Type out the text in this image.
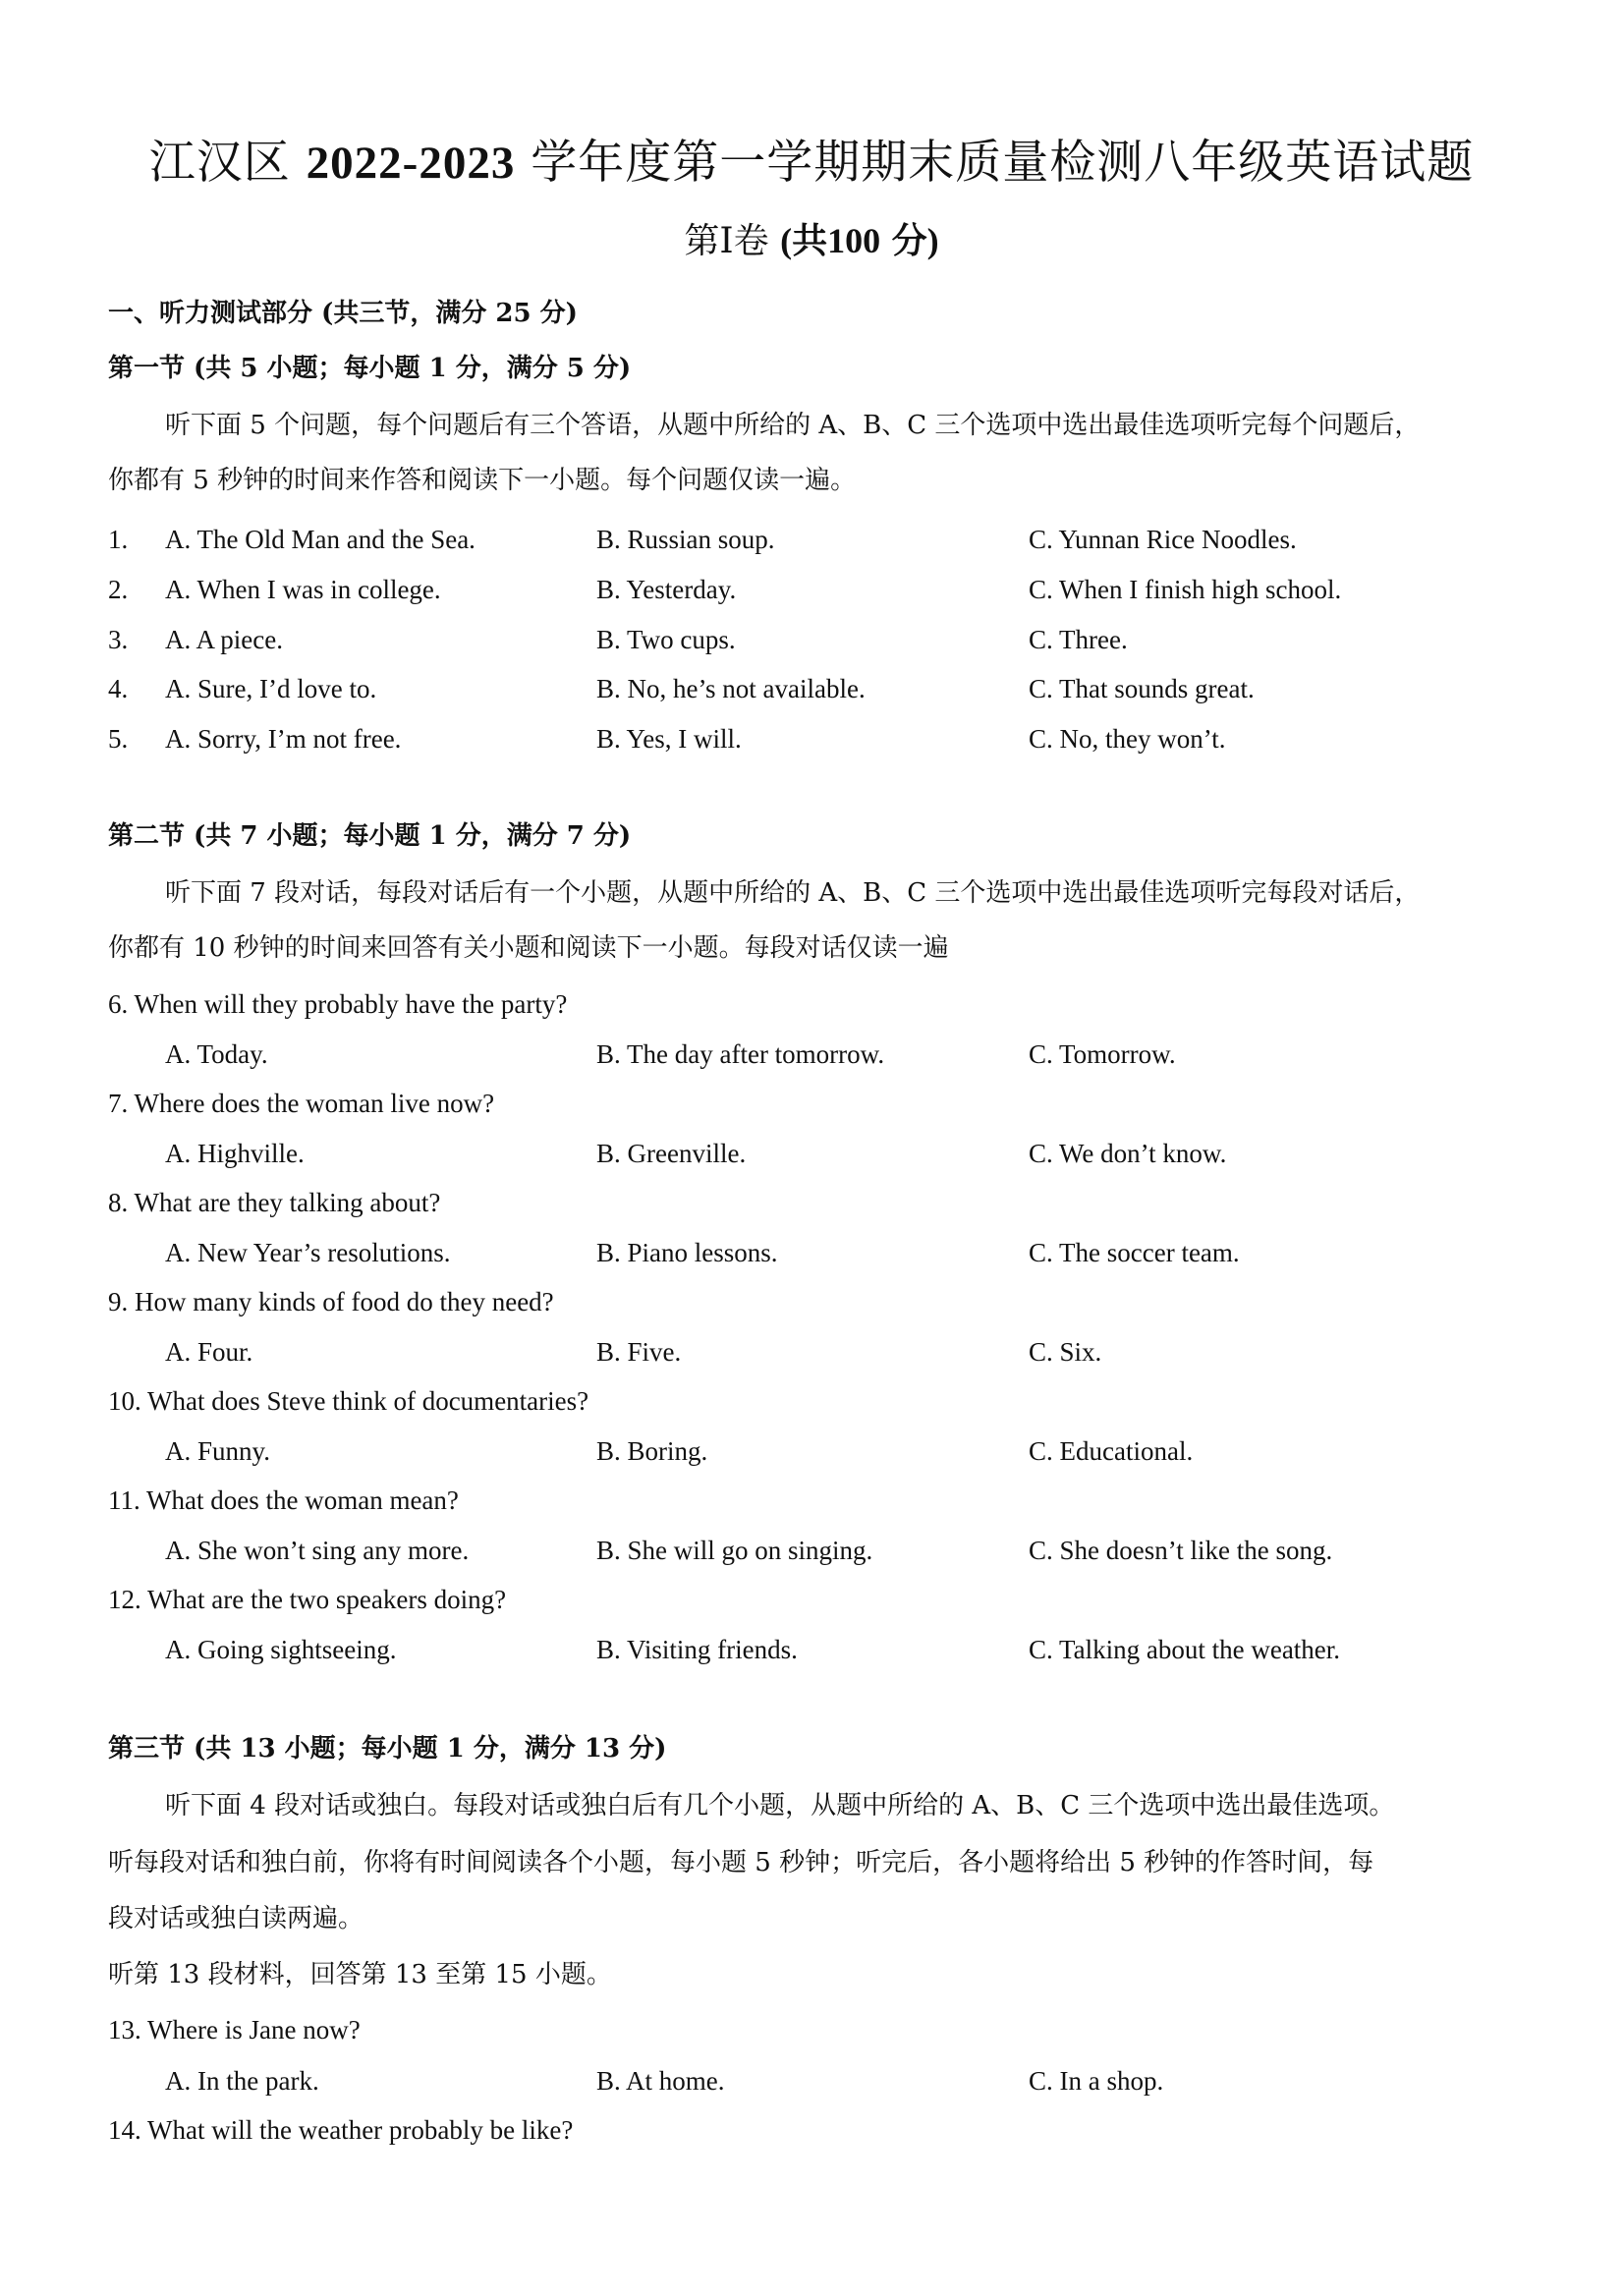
江汉区 2022-2023 学年度第一学期期末质量检测八年级英语试题
第Ⅰ卷 (共100 分)
一、听力测试部分 (共三节，满分 25 分)
第一节 (共 5 小题；每小题 1 分，满分 5 分)
听下面 5 个问题，每个问题后有三个答语，从题中所给的 A、B、C 三个选项中选出最佳选项听完每个问题后，
你都有 5 秒钟的时间来作答和阅读下一小题。每个问题仅读一遍。
1. A. The Old Man and the Sea.	B. Russian soup.	C. Yunnan Rice Noodles.
2. A. When I was in college.	B. Yesterday.	C. When I finish high school.
3. A. A piece.	B. Two cups.	C. Three.
4. A. Sure, I’d love to.	B. No, he’s not available.	C. That sounds great.
5. A. Sorry, I’m not free.	B. Yes, I will.	C. No, they won’t.
第二节 (共 7 小题；每小题 1 分，满分 7 分)
听下面 7 段对话，每段对话后有一个小题，从题中所给的 A、B、C 三个选项中选出最佳选项听完每段对话后，
你都有 10 秒钟的时间来回答有关小题和阅读下一小题。每段对话仅读一遍
6. When will they probably have the party?
A. Today.	B. The day after tomorrow.	C. Tomorrow.
7. Where does the woman live now?
A. Highville.	B. Greenville.	C. We don’t know.
8. What are they talking about?
A. New Year’s resolutions.	B. Piano lessons.	C. The soccer team.
9. How many kinds of food do they need?
A. Four.	B. Five.	C. Six.
10. What does Steve think of documentaries?
A. Funny.	B. Boring.	C. Educational.
11. What does the woman mean?
A. She won’t sing any more.	B. She will go on singing.	C. She doesn’t like the song.
12. What are the two speakers doing?
A. Going sightseeing.	B. Visiting friends.	C. Talking about the weather.
第三节 (共 13 小题；每小题 1 分，满分 13 分)
听下面 4 段对话或独白。每段对话或独白后有几个小题，从题中所给的 A、B、C 三个选项中选出最佳选项。
听每段对话和独白前，你将有时间阅读各个小题，每小题 5 秒钟；听完后，各小题将给出 5 秒钟的作答时间，每
段对话或独白读两遍。
听第 13 段材料，回答第 13 至第 15 小题。
13. Where is Jane now?
A. In the park.	B. At home.	C. In a shop.
14. What will the weather probably be like?
